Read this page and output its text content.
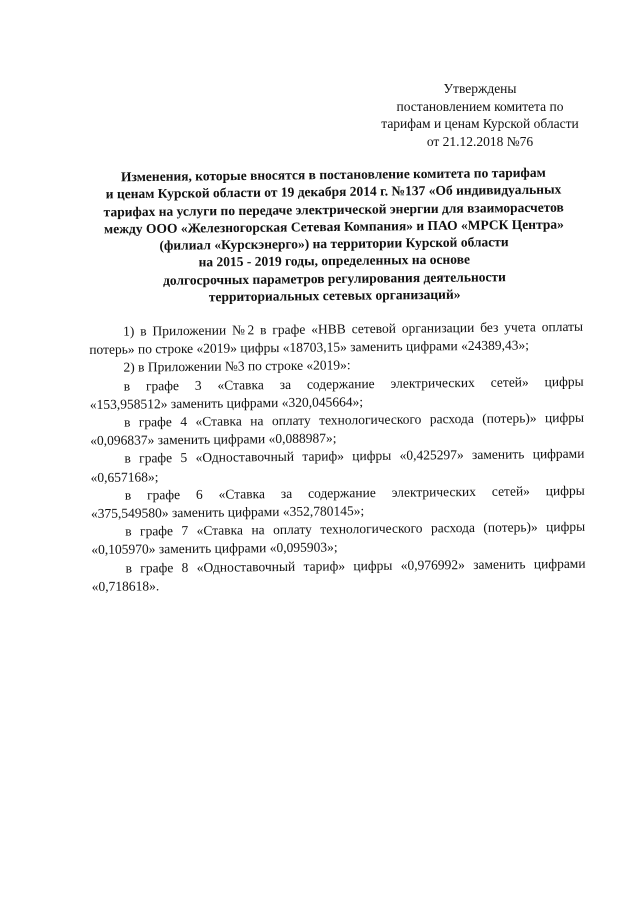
Утверждены
постановлением комитета по
тарифам и ценам Курской области
от 21.12.2018 №76
Изменения, которые вносятся в постановление комитета по тарифам
и ценам Курской области от 19 декабря 2014 г. №137 «Об индивидуальных
тарифах на услуги по передаче электрической энергии для взаиморасчетов
между ООО «Железногорская Сетевая Компания» и ПАО «МРСК Центра»
(филиал «Курскэнерго») на территории Курской области
на 2015 - 2019 годы, определенных на основе
долгосрочных параметров регулирования деятельности
территориальных сетевых организаций»
1) в Приложении №2 в графе «НВВ сетевой организации без учета оплаты
потерь» по строке «2019» цифры «18703,15» заменить цифрами «24389,43»;
2) в Приложении №3 по строке «2019»:
в графе 3 «Ставка за содержание электрических сетей» цифры
«153,958512» заменить цифрами «320,045664»;
в графе 4 «Ставка на оплату технологического расхода (потерь)» цифры
«0,096837» заменить цифрами «0,088987»;
в графе 5 «Одноставочный тариф» цифры «0,425297» заменить цифрами
«0,657168»;
в графе 6 «Ставка за содержание электрических сетей» цифры
«375,549580» заменить цифрами «352,780145»;
в графе 7 «Ставка на оплату технологического расхода (потерь)» цифры
«0,105970» заменить цифрами «0,095903»;
в графе 8 «Одноставочный тариф» цифры «0,976992» заменить цифрами
«0,718618».
